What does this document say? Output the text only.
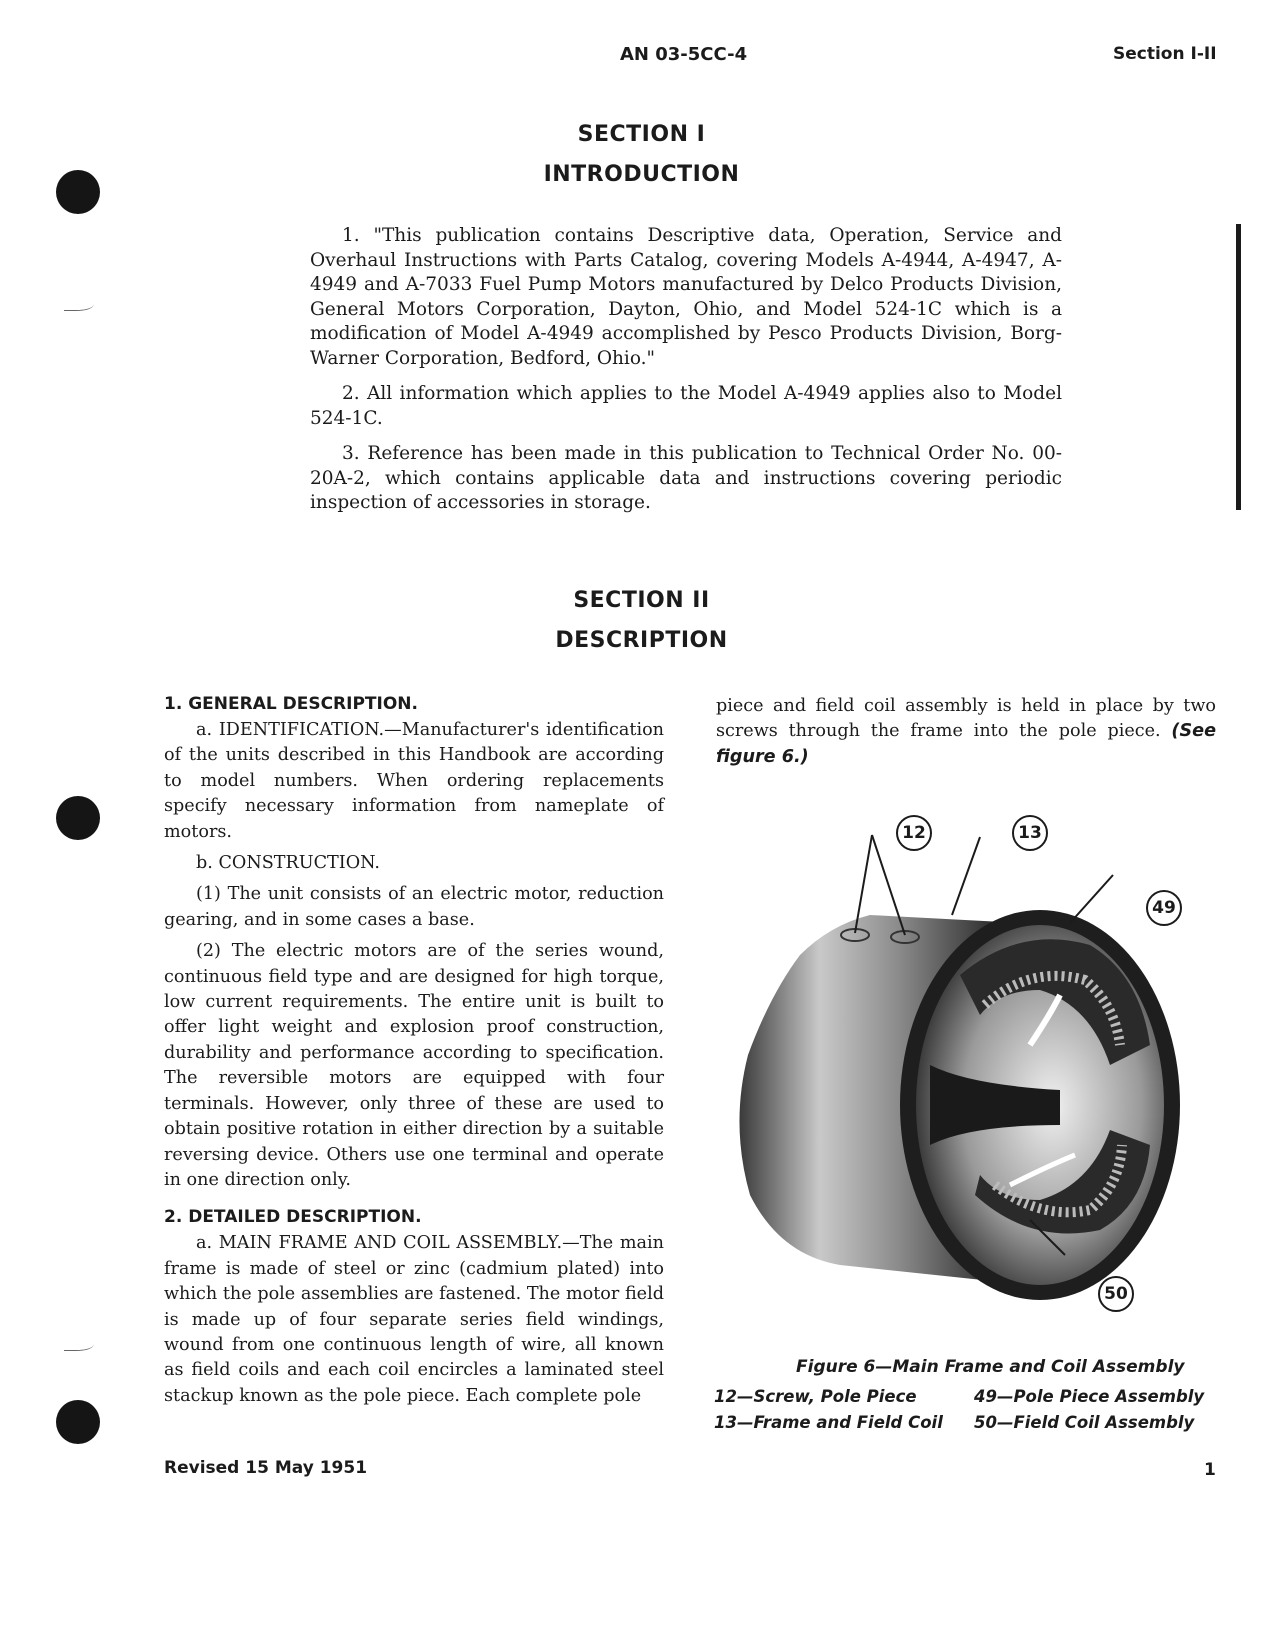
AN 03-5CC-4	Section I-II
SECTION I
INTRODUCTION

1. "This publication contains Descriptive data, Operation, Service and Overhaul Instructions with Parts Catalog, covering Models A-4944, A-4947, A-4949 and A-7033 Fuel Pump Motors manufactured by Delco Products Division, General Motors Corporation, Dayton, Ohio, and Model 524-1C which is a modification of Model A-4949 accomplished by Pesco Products Division, Borg-Warner Corporation, Bedford, Ohio."

2. All information which applies to the Model A-4949 applies also to Model 524-1C.

3. Reference has been made in this publication to Technical Order No. 00-20A-2, which contains applicable data and instructions covering periodic inspection of accessories in storage.

SECTION II
DESCRIPTION

1. GENERAL DESCRIPTION.

a. IDENTIFICATION.—Manufacturer's identification of the units described in this Handbook are according to model numbers. When ordering replacements specify necessary information from nameplate of motors.

b. CONSTRUCTION.

(1) The unit consists of an electric motor, reduction gearing, and in some cases a base.

(2) The electric motors are of the series wound, continuous field type and are designed for high torque, low current requirements. The entire unit is built to offer light weight and explosion proof construction, durability and performance according to specification. The reversible motors are equipped with four terminals. However, only three of these are used to obtain positive rotation in either direction by a suitable reversing device. Others use one terminal and operate in one direction only.

2. DETAILED DESCRIPTION.

a. MAIN FRAME AND COIL ASSEMBLY.—The main frame is made of steel or zinc (cadmium plated) into which the pole assemblies are fastened. The motor field is made up of four separate series field windings, wound from one continuous length of wire, all known as field coils and each coil encircles a laminated steel stackup known as the pole piece. Each complete pole

piece and field coil assembly is held in place by two screws through the frame into the pole piece. (See figure 6.)

12	13
49
50
Figure 6—Main Frame and Coil Assembly
12—Screw, Pole Piece	49—Pole Piece Assembly
13—Frame and Field Coil 50—Field Coil Assembly
Revised 15 May 1951	1
